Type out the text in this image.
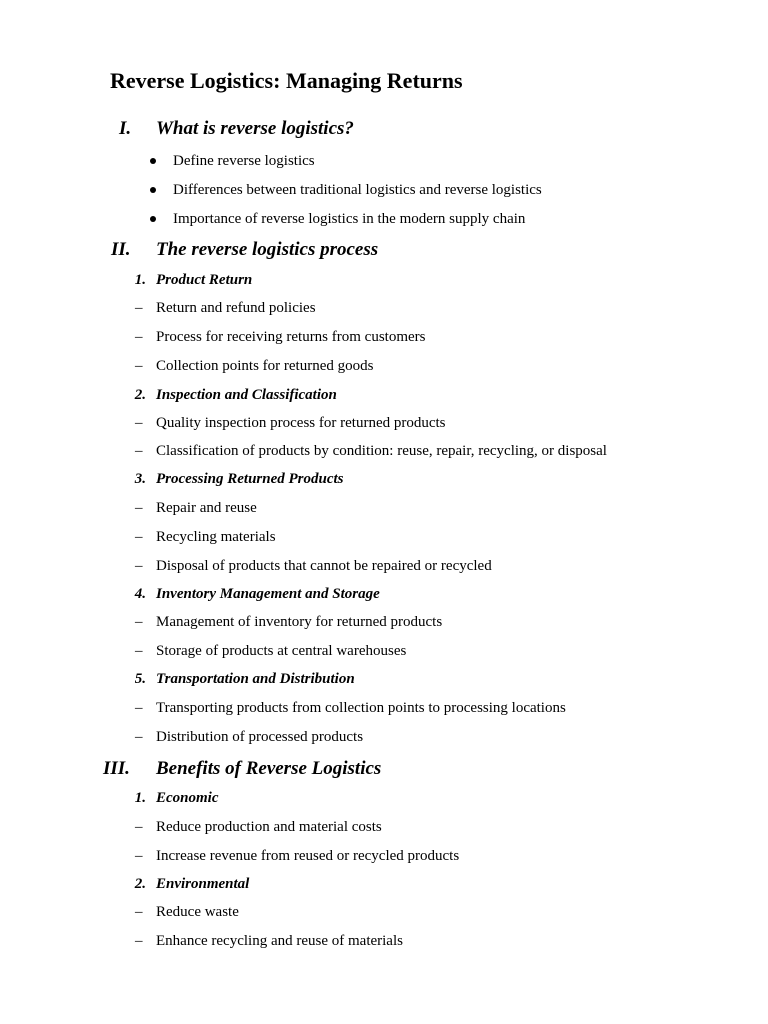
Reverse Logistics: Managing Returns
I. What is reverse logistics?
Define reverse logistics
Differences between traditional logistics and reverse logistics
Importance of reverse logistics in the modern supply chain
II. The reverse logistics process
1. Product Return
– Return and refund policies
– Process for receiving returns from customers
– Collection points for returned goods
2. Inspection and Classification
– Quality inspection process for returned products
– Classification of products by condition: reuse, repair, recycling, or disposal
3. Processing Returned Products
– Repair and reuse
– Recycling materials
– Disposal of products that cannot be repaired or recycled
4. Inventory Management and Storage
– Management of inventory for returned products
– Storage of products at central warehouses
5. Transportation and Distribution
– Transporting products from collection points to processing locations
– Distribution of processed products
III. Benefits of Reverse Logistics
1. Economic
– Reduce production and material costs
– Increase revenue from reused or recycled products
2. Environmental
– Reduce waste
– Enhance recycling and reuse of materials
